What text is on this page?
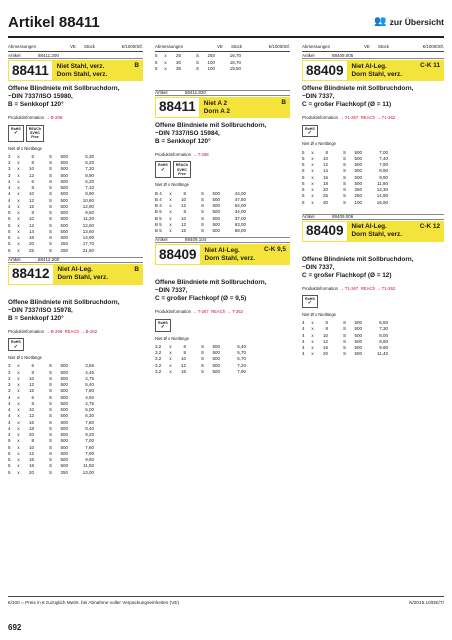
Artikel 88411	👥 zur Übersicht
Abmessungen	VE	Stück	€/1000/Stf.
Artikel	88411.200
88411	Niet Stahl, verz.
Dorn Stahl, verz.
B
Offene Blindniete mit Sollbruchdorn,
~DIN 7337/ISO 15980,
B = Senkkopf 120°
Produktinformation → B-208
RoHS
✓
REACh
SVHC
Free
Niet Ø x Nietlänge
3	x	6	S	500	5,30
3	x	8	S	500	6,20
3	x	10	S	500	7,20
3	x	12	S	500	8,90
4	x	6	S	500	6,20
4	x	8	S	500	7,10
4	x	10	S	500	8,90
4	x	12	S	500	10,80
4	x	16	S	500	12,90
5	x	8	S	500	9,50
5	x	10	S	500	11,20
5	x	12	S	500	12,60
5	x	14	S	500	13,60
5	x	16	S	500	14,90
5	x	20	S	250	17,70
5	x	25	S	250	21,50
Artikel	88412.200
88412	Niet Al-Leg.
Dorn Stahl, verz.
B
Offene Blindniete mit Sollbruchdorn,
~DIN 7337/ISO 15978,
B = Senkkopf 120°
Produktinformation → B-208 REACh → B-262
RoHS
✓
Niet Ø x Nietlänge
3	x	6	S	500	3,65
3	x	8	S	500	4,45
3	x	10	S	500	4,75
3	x	12	S	500	5,40
3	x	16	S	500	7,80
4	x	6	S	500	4,50
4	x	8	S	500	4,75
4	x	10	S	500	5,00
4	x	12	S	500	6,30
4	x	16	S	500	7,80
4	x	18	S	500	8,40
4	x	20	S	500	9,20
5	x	8	S	500	7,00
5	x	10	S	500	7,60
5	x	12	S	500	7,90
5	x	16	S	500	9,80
5	x	18	S	500	11,50
5	x	20	S	250	13,00
Abmessungen	VE	Stück	€/1000/Stf.
5	x	25	S	250	16,70
5	x	30	S	100	18,70
5	x	35	S	100	19,50
Artikel	88411.920
88411	Niet A 2
Dorn A 2
B
Offene Blindniete mit Sollbruchdorn,
~DIN 7337/ISO 15984,
B = Senkkopf 120°
Produktinformation → T-268
RoHS
✓
REACh
SVHC
Free
Niet Ø x Nietlänge
B 4	x	8	S	500	44,00
B 4	x	10	S	500	47,50
B 4	x	12	S	500	54,00
B 5	x	8	S	500	34,00
B 5	x	10	S	500	37,00
B 5	x	12	S	500	63,00
B 5	x	16	S	500	68,00
Artikel	88409.104
88409	Niet Al-Leg.
Dorn Stahl, verz.
C-K 9,5
Offene Blindniete mit Sollbruchdorn,
~DIN 7337,
C = großer Flachkopf (Ø = 9,5)
Produktinformation → T-267 REACh → T-262
RoHS
✓
Niet Ø x Nietlänge
3,2	x	6	S	500	5,40
3,2	x	8	S	500	5,70
3,2	x	10	S	500	6,70
3,2	x	12	S	500	7,20
3,2	x	16	S	500	7,90
Abmessungen	VE	Stück	€/1000/Stf.
Artikel	88409.005
88409	Niet Al-Leg.
Dorn Stahl, verz.
C-K 11
Offene Blindniete mit Sollbruchdorn,
~DIN 7337,
C = großer Flachkopf (Ø = 11)
Produktinformation → T1-267 REACh → T1-262
RoHS
✓
Niet Ø x Nietlänge
5	x	8	S	500	7,00
5	x	10	S	500	7,40
5	x	12	S	500	7,90
5	x	14	S	500	8,90
5	x	16	S	500	9,90
5	x	18	S	500	11,80
5	x	20	S	250	13,30
5	x	25	S	250	14,90
5	x	30	S	100	16,90
Artikel	88409.006
88409	Niet Al-Leg.
Dorn Stahl, verz.
C-K 12
Offene Blindniete mit Sollbruchdorn,
~DIN 7337,
C = großer Flachkopf (Ø = 12)
Produktinformation → T1-267 REACh → T1-262
RoHS
✓
Niet Ø x Nietlänge
4	x	6	S	500	6,50
4	x	8	S	500	7,30
4	x	10	S	500	8,00
4	x	12	S	500	8,60
4	x	16	S	500	9,90
4	x	20	S	500	11,40
€/100 = Preis in € zuzüglich MwSt. bei Abnahme voller Verpackungseinheiten (VE)	N/2015.10/DE/T/
692
